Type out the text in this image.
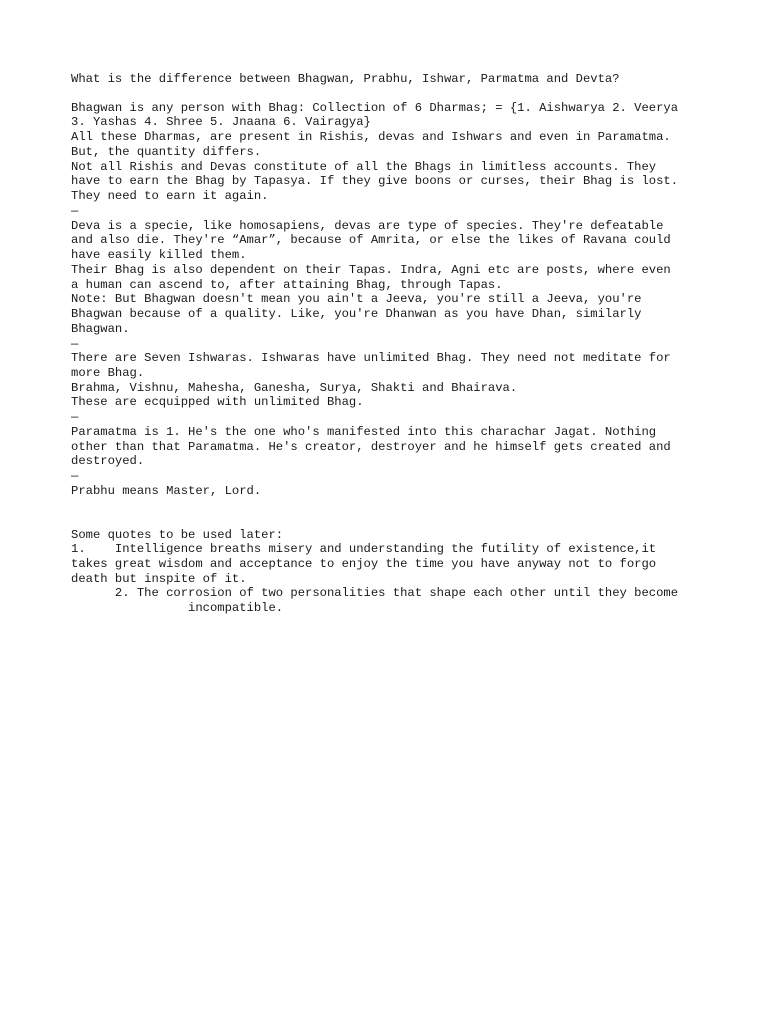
What is the difference between Bhagwan, Prabhu, Ishwar, Parmatma and Devta?

Bhagwan is any person with Bhag: Collection of 6 Dharmas; = {1. Aishwarya 2. Veerya

3. Yashas 4. Shree 5. Jnaana 6. Vairagya}

All these Dharmas, are present in Rishis, devas and Ishwars and even in Paramatma.

But, the quantity differs.

Not all Rishis and Devas constitute of all the Bhags in limitless accounts. They

have to earn the Bhag by Tapasya. If they give boons or curses, their Bhag is lost.

They need to earn it again.

—

Deva is a specie, like homosapiens, devas are type of species. They're defeatable

and also die. They're “Amar”, because of Amrita, or else the likes of Ravana could

have easily killed them.

Their Bhag is also dependent on their Tapas. Indra, Agni etc are posts, where even

a human can ascend to, after attaining Bhag, through Tapas.

Note: But Bhagwan doesn't mean you ain't a Jeeva, you're still a Jeeva, you're

Bhagwan because of a quality. Like, you're Dhanwan as you have Dhan, similarly

Bhagwan.

—

There are Seven Ishwaras. Ishwaras have unlimited Bhag. They need not meditate for

more Bhag.

Brahma, Vishnu, Mahesha, Ganesha, Surya, Shakti and Bhairava.

These are ecquipped with unlimited Bhag.

—

Paramatma is 1. He's the one who's manifested into this charachar Jagat. Nothing

other than that Paramatma. He's creator, destroyer and he himself gets created and

destroyed.

—

Prabhu means Master, Lord.

Some quotes to be used later:

1.    Intelligence breaths misery and understanding the futility of existence,it

takes great wisdom and acceptance to enjoy the time you have anyway not to forgo

death but inspite of it.

2. The corrosion of two personalities that shape each other until they become

incompatible.
